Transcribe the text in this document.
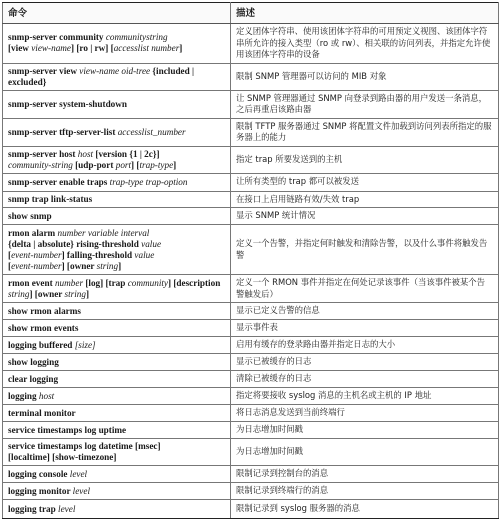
命令	描述

snmp-server community communitystring
[view view-name] [ro | rw] [accesslist number]	定义团体字符串、使用该团体字符串的可用预定义视图、该团体字符串所允许的接入类型（ro 或 rw）、相关联的访问列表，并指定允许使用该团体字符串的设备

snmp-server view view-name oid-tree {included |
excluded}	限制 SNMP 管理器可以访问的 MIB 对象

snmp-server system-shutdown	让 SNMP 管理器通过 SNMP 向登录到路由器的用户发送一条消息，之后再重启该路由器

snmp-server tftp-server-list accesslist_number	限制 TFTP 服务器通过 SNMP 将配置文件加载到访问列表所指定的服务器上的能力

snmp-server host host [version {1 | 2c}]
community-string [udp-port port] [trap-type]	指定 trap 所要发送到的主机

snmp-server enable traps trap-type trap-option	让所有类型的 trap 都可以被发送

snmp trap link-status	在接口上启用链路有效/失效 trap

show snmp	显示 SNMP 统计情况

rmon alarm number variable interval
{delta | absolute} rising-threshold value
[event-number] falling-threshold value
[event-number] [owner string]	定义一个告警，并指定何时触发和清除告警，以及什么事件将触发告警

rmon event number [log] [trap community] [description
string] [owner string]	定义一个 RMON 事件并指定在何处记录该事件（当该事件被某个告警触发后）

show rmon alarms	显示已定义告警的信息

show rmon events	显示事件表

logging buffered [size]	启用有缓存的登录路由器并指定日志的大小

show logging	显示已被缓存的日志

clear logging	清除已被缓存的日志

logging host	指定将要接收 syslog 消息的主机名或主机的 IP 地址

terminal monitor	将日志消息发送到当前终端行

service timestamps log uptime	为日志增加时间戳

service timestamps log datetime [msec]
[localtime] [show-timezone]	为日志增加时间戳

logging console level	限制记录到控制台的消息

logging monitor level	限制记录到终端行的消息

logging trap level	限制记录到 syslog 服务器的消息
